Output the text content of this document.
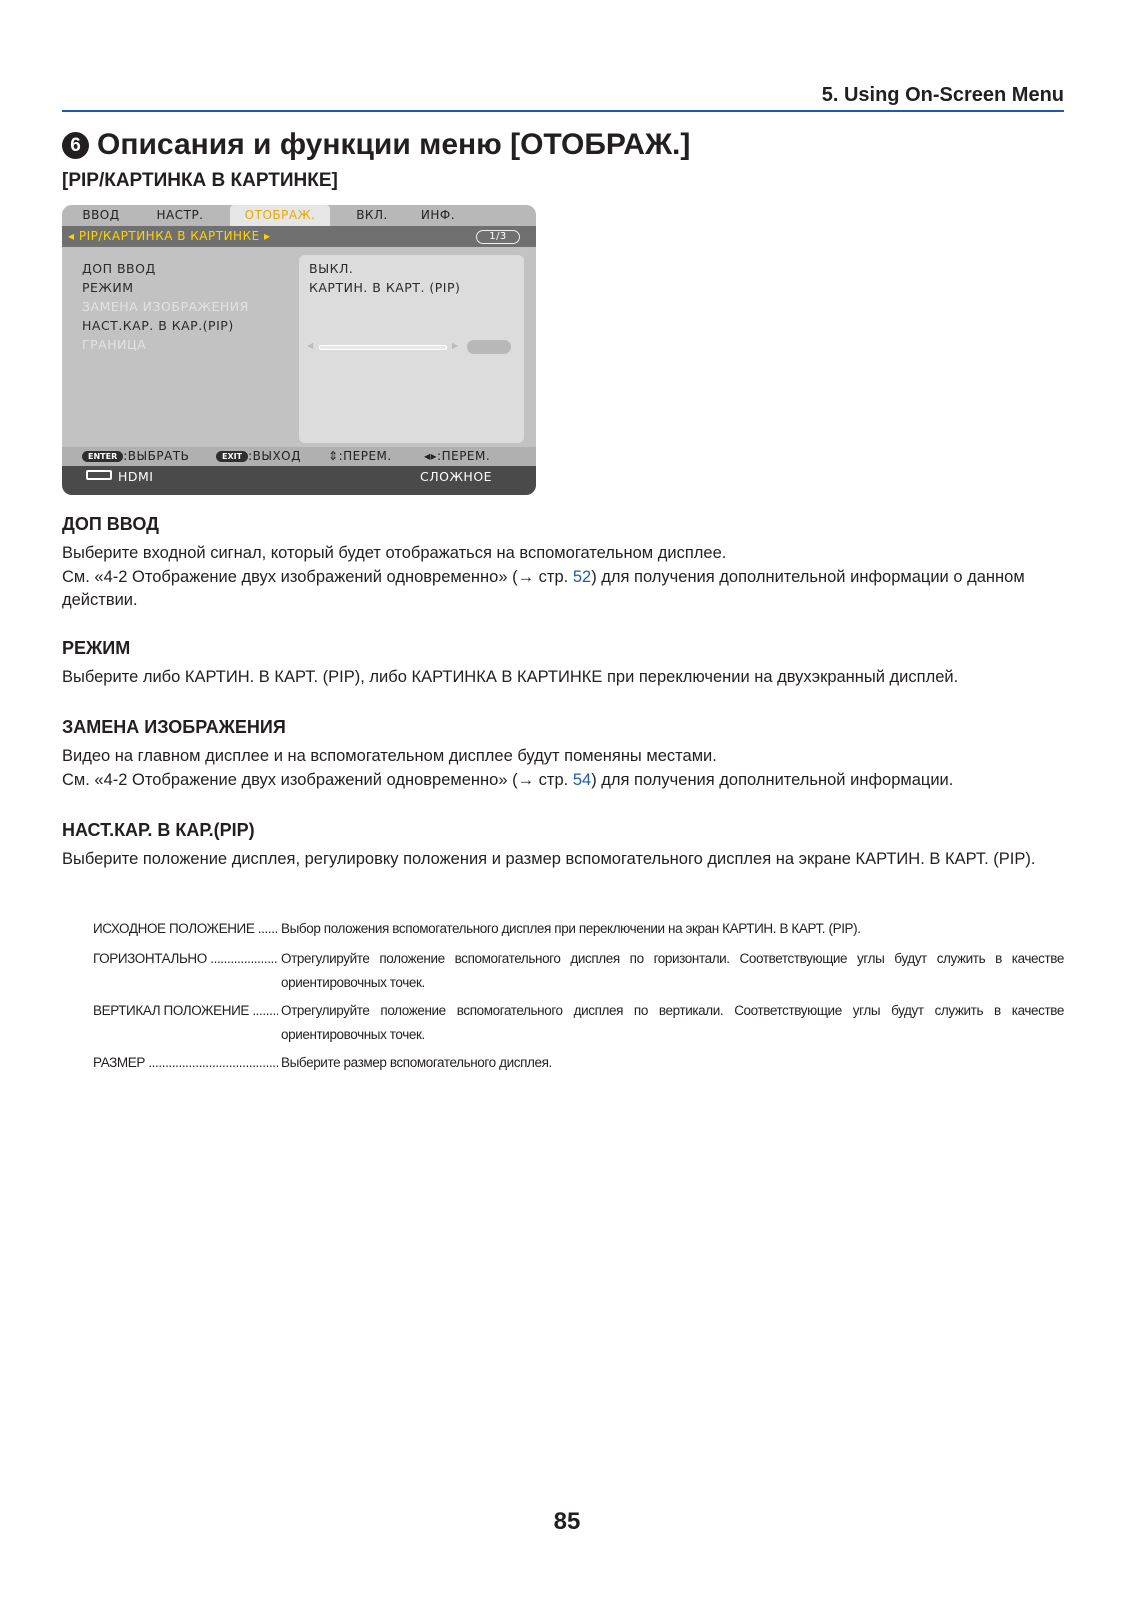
5. Using On-Screen Menu
6 Описания и функции меню [ОТОБРАЖ.]
[PIP/КАРТИНКА В КАРТИНКЕ]
ВВОД	НАСТР.	ОТОБРАЖ.	ВКЛ.	ИНФ.
◂ PIP/КАРТИНКА В КАРТИНКЕ ▸	1/3
ДОП ВВОД
РЕЖИМ
ЗАМЕНА ИЗОБРАЖЕНИЯ
НАСТ.КАР. В КАР.(PIP)
ГРАНИЦА
ВЫКЛ.
КАРТИН. В КАРТ. (PIP)
◀	▶
ENTER :ВЫБРАТЬ	EXIT :ВЫХОД ⇕:ПЕРЕМ.	◂▸:ПЕРЕМ.
HDMI	СЛОЖНОЕ
ДОП ВВОД

Выберите входной сигнал, который будет отображаться на вспомогательном дисплее.

См. «4-2 Отображение двух изображений одновременно» (→ стр. 52) для получения дополнительной информации о данном действии.

РЕЖИМ

Выберите либо КАРТИН. В КАРТ. (PIP), либо КАРТИНКА В КАРТИНКЕ при переключении на двухэкранный дисплей.

ЗАМЕНА ИЗОБРАЖЕНИЯ

Видео на главном дисплее и на вспомогательном дисплее будут поменяны местами.

См. «4-2 Отображение двух изображений одновременно» (→ стр. 54) для получения дополнительной информации.

НАСТ.КАР. В КАР.(PIP)

Выберите положение дисплея, регулировку положения и размер вспомогательного дисплея на экране КАРТИН. В КАРТ. (PIP).

ИСХОДНОЕ ПОЛОЖЕНИЕ .....	Выбор положения вспомогательного дисплея при переключении на экран КАРТИН. В КАРТ. (PIP).
ГОРИЗОНТАЛЬНО .....	Отрегулируйте положение вспомогательного дисплея по горизонтали. Соответствующие углы будут служить в качестве ориентировочных точек.
ВЕРТИКАЛ ПОЛОЖЕНИЕ .....	Отрегулируйте положение вспомогательного дисплея по вертикали. Соответствующие углы будут служить в качестве ориентировочных точек.
РАЗМЕР .....	Выберите размер вспомогательного дисплея.
85
